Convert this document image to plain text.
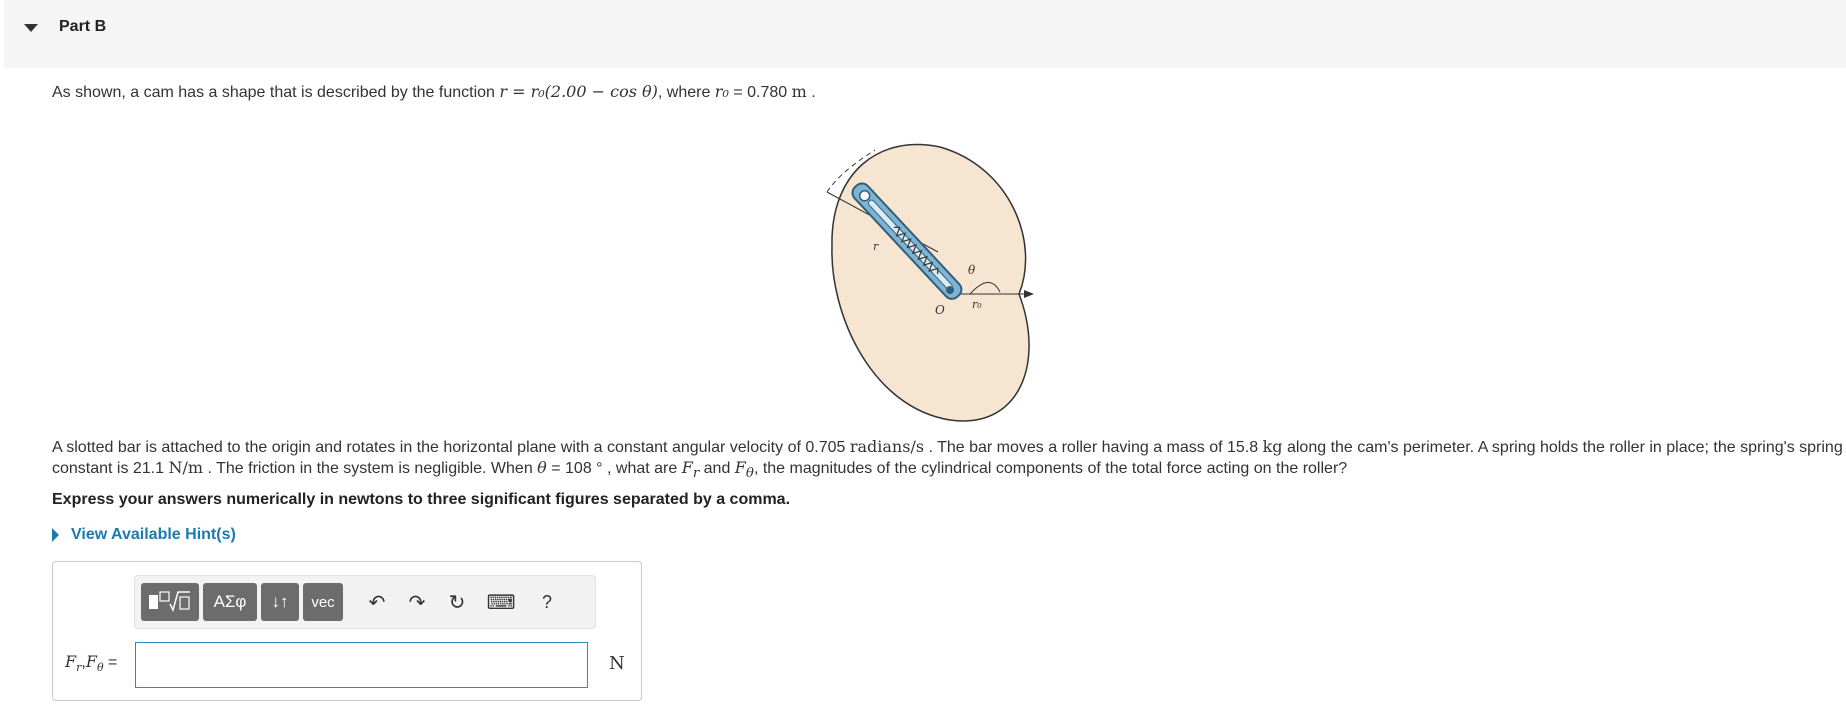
Part B
As shown, a cam has a shape that is described by the function r = r₀(2.00 − cos θ), where r₀ = 0.780 m .
r
θ
O r₀
A slotted bar is attached to the origin and rotates in the horizontal plane with a constant angular velocity of 0.705 radians/s . The bar moves a roller having a mass of 15.8 kg along the cam's perimeter. A spring holds the roller in place; the spring's spring
constant is 21.1 N/m . The friction in the system is negligible. When θ = 108 ° , what are $F_r$ and $F_\theta$, the magnitudes of the cylindrical components of the total force acting on the roller?
Express your answers numerically in newtons to three significant figures separated by a comma.
View Available Hint(s)
ΑΣφ	↓↑	vec	↶	↷	↻	⌨	?
$F_r,F_\theta$ =	N
